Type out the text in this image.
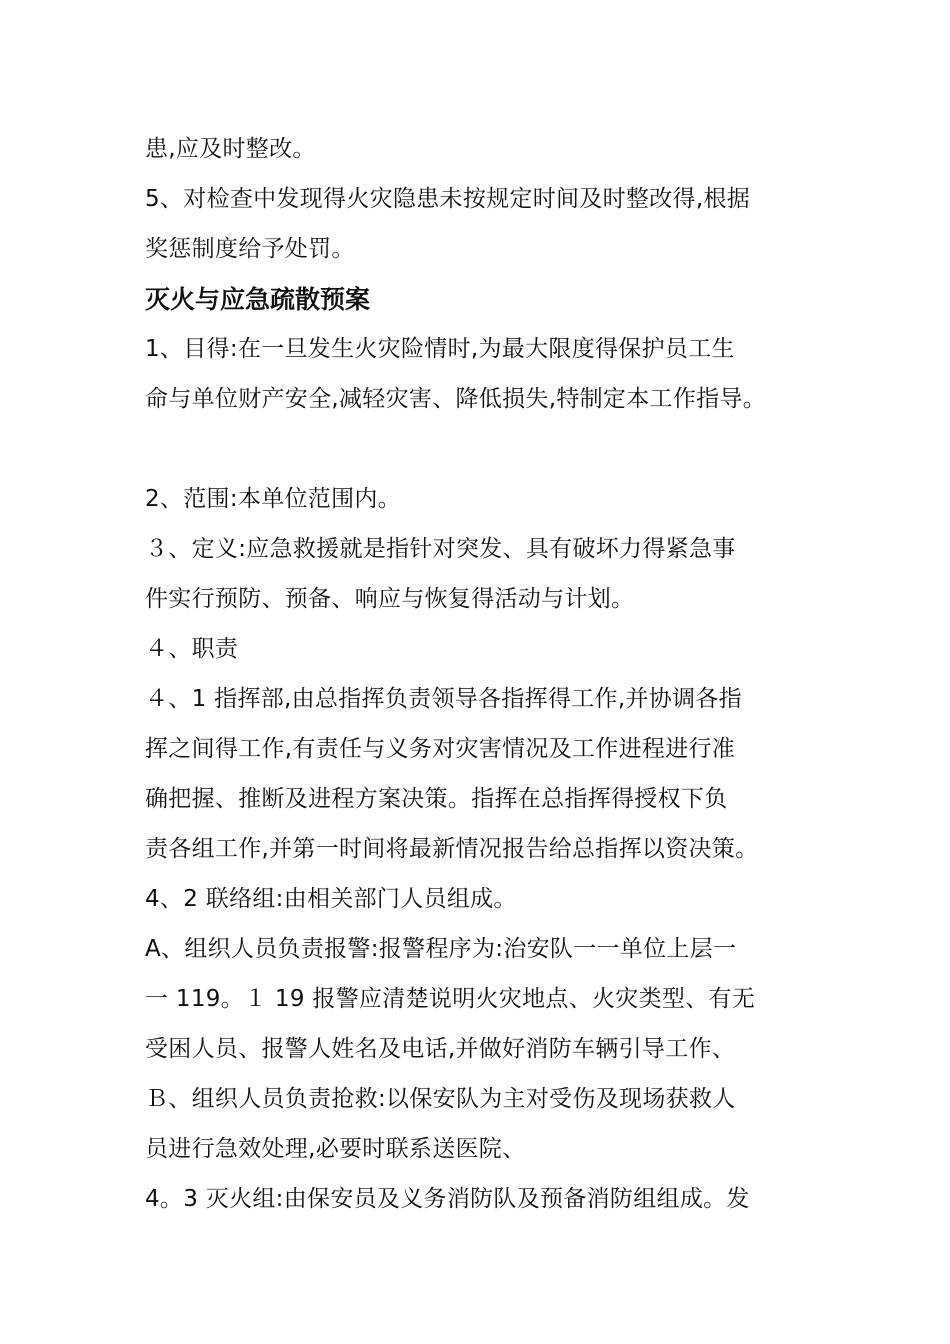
患,应及时整改。
5、对检查中发现得火灾隐患未按规定时间及时整改得,根据
奖惩制度给予处罚。
灭火与应急疏散预案
1、目得:在一旦发生火灾险情时,为最大限度得保护员工生
命与单位财产安全,减轻灾害、降低损失,特制定本工作指导。
2、范围:本单位范围内。
３、定义:应急救援就是指针对突发、具有破坏力得紧急事
件实行预防、预备、响应与恢复得活动与计划。
４、职责
４、1 指挥部,由总指挥负责领导各指挥得工作,并协调各指
挥之间得工作,有责任与义务对灾害情况及工作进程进行准
确把握、推断及进程方案决策。指挥在总指挥得授权下负
责各组工作,并第一时间将最新情况报告给总指挥以资决策。
4、2 联络组:由相关部门人员组成。
A、组织人员负责报警:报警程序为:治安队一一单位上层一
一 119。１ 19 报警应清楚说明火灾地点、火灾类型、有无
受困人员、报警人姓名及电话,并做好消防车辆引导工作、
Ｂ、组织人员负责抢救:以保安队为主对受伤及现场获救人
员进行急效处理,必要时联系送医院、
4。3 灭火组:由保安员及义务消防队及预备消防组组成。发
